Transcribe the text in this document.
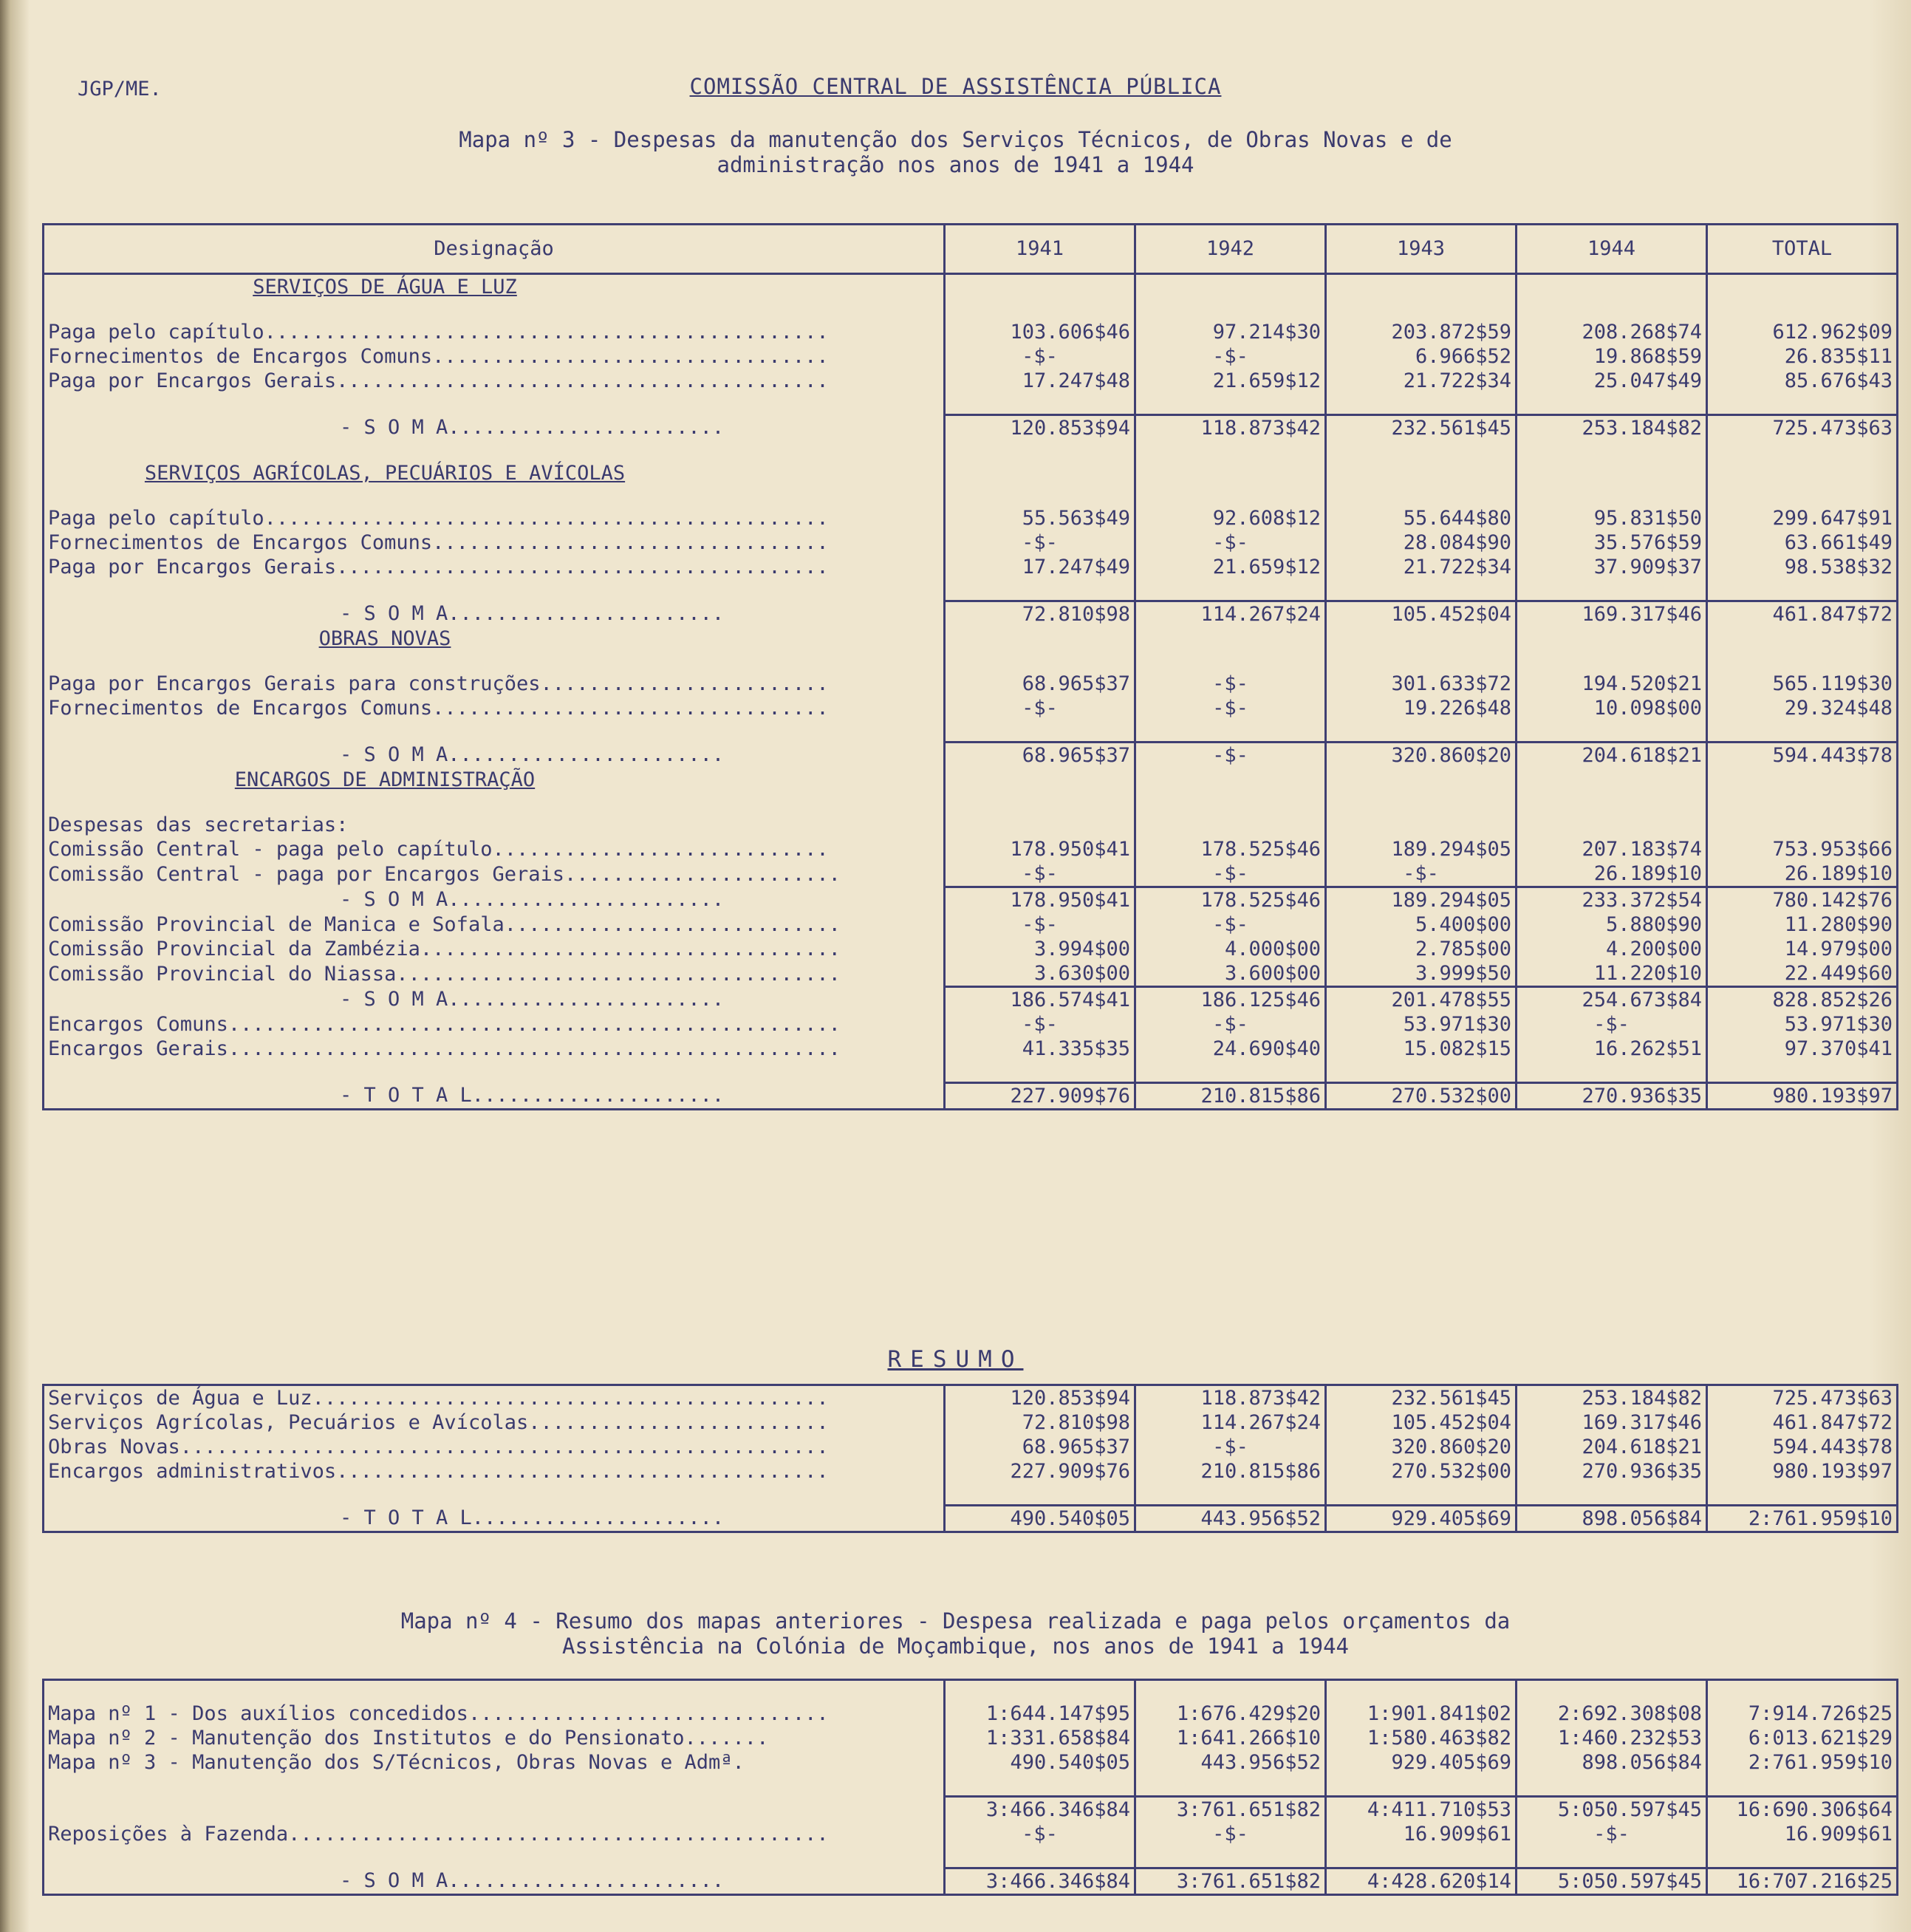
JGP/ME.	COMISSÃO CENTRAL DE ASSISTÊNCIA PÚBLICA
Mapa nº 3 - Despesas da manutenção dos Serviços Técnicos, de Obras Novas e de
administração nos anos de 1941 a 1944
Designação	1941	1942	1943	1944	TOTAL
SERVIÇOS DE ÁGUA E LUZ					

Paga pelo capítulo...............................................	103.606$46	97.214$30	203.872$59	208.268$74	612.962$09
Fornecimentos de Encargos Comuns.................................	-$-	-$-	6.966$52	19.868$59	26.835$11
Paga por Encargos Gerais.........................................	17.247$48	21.659$12	21.722$34	25.047$49	85.676$43

- S O M A.......................	120.853$94	118.873$42	232.561$45	253.184$82	725.473$63

SERVIÇOS AGRÍCOLAS, PECUÁRIOS E AVÍCOLAS					

Paga pelo capítulo...............................................	55.563$49	92.608$12	55.644$80	95.831$50	299.647$91
Fornecimentos de Encargos Comuns.................................	-$-	-$-	28.084$90	35.576$59	63.661$49
Paga por Encargos Gerais.........................................	17.247$49	21.659$12	21.722$34	37.909$37	98.538$32

- S O M A.......................	72.810$98	114.267$24	105.452$04	169.317$46	461.847$72
OBRAS NOVAS					

Paga por Encargos Gerais para construções........................	68.965$37	-$-	301.633$72	194.520$21	565.119$30
Fornecimentos de Encargos Comuns.................................	-$-	-$-	19.226$48	10.098$00	29.324$48

- S O M A.......................	68.965$37	-$-	320.860$20	204.618$21	594.443$78
ENCARGOS DE ADMINISTRAÇÃO					

Despesas das secretarias:					
Comissão Central - paga pelo capítulo............................	178.950$41	178.525$46	189.294$05	207.183$74	753.953$66
Comissão Central - paga por Encargos Gerais.......................	-$-	-$-	-$-	26.189$10	26.189$10
- S O M A.......................	178.950$41	178.525$46	189.294$05	233.372$54	780.142$76
Comissão Provincial de Manica e Sofala............................	-$-	-$-	5.400$00	5.880$90	11.280$90
Comissão Provincial da Zambézia...................................	3.994$00	4.000$00	2.785$00	4.200$00	14.979$00
Comissão Provincial do Niassa.....................................	3.630$00	3.600$00	3.999$50	11.220$10	22.449$60
- S O M A.......................	186.574$41	186.125$46	201.478$55	254.673$84	828.852$26
Encargos Comuns...................................................	-$-	-$-	53.971$30	-$-	53.971$30
Encargos Gerais...................................................	41.335$35	24.690$40	15.082$15	16.262$51	97.370$41

- T O T A L.....................	227.909$76	210.815$86	270.532$00	270.936$35	980.193$97
RESUMO
Serviços de Água e Luz...........................................	120.853$94	118.873$42	232.561$45	253.184$82	725.473$63
Serviços Agrícolas, Pecuários e Avícolas.........................	72.810$98	114.267$24	105.452$04	169.317$46	461.847$72
Obras Novas......................................................	68.965$37	-$-	320.860$20	204.618$21	594.443$78
Encargos administrativos.........................................	227.909$76	210.815$86	270.532$00	270.936$35	980.193$97

- T O T A L.....................	490.540$05	443.956$52	929.405$69	898.056$84	2:761.959$10
Mapa nº 4 - Resumo dos mapas anteriores - Despesa realizada e paga pelos orçamentos da
Assistência na Colónia de Moçambique, nos anos de 1941 a 1944

Mapa nº 1 - Dos auxílios concedidos..............................	1:644.147$95	1:676.429$20	1:901.841$02	2:692.308$08	7:914.726$25
Mapa nº 2 - Manutenção dos Institutos e do Pensionato.......	1:331.658$84	1:641.266$10	1:580.463$82	1:460.232$53	6:013.621$29
Mapa nº 3 - Manutenção dos S/Técnicos, Obras Novas e Admª.	490.540$05	443.956$52	929.405$69	898.056$84	2:761.959$10

	3:466.346$84	3:761.651$82	4:411.710$53	5:050.597$45	16:690.306$64
Reposições à Fazenda.............................................	-$-	-$-	16.909$61	-$-	16.909$61

- S O M A.......................	3:466.346$84	3:761.651$82	4:428.620$14	5:050.597$45	16:707.216$25
